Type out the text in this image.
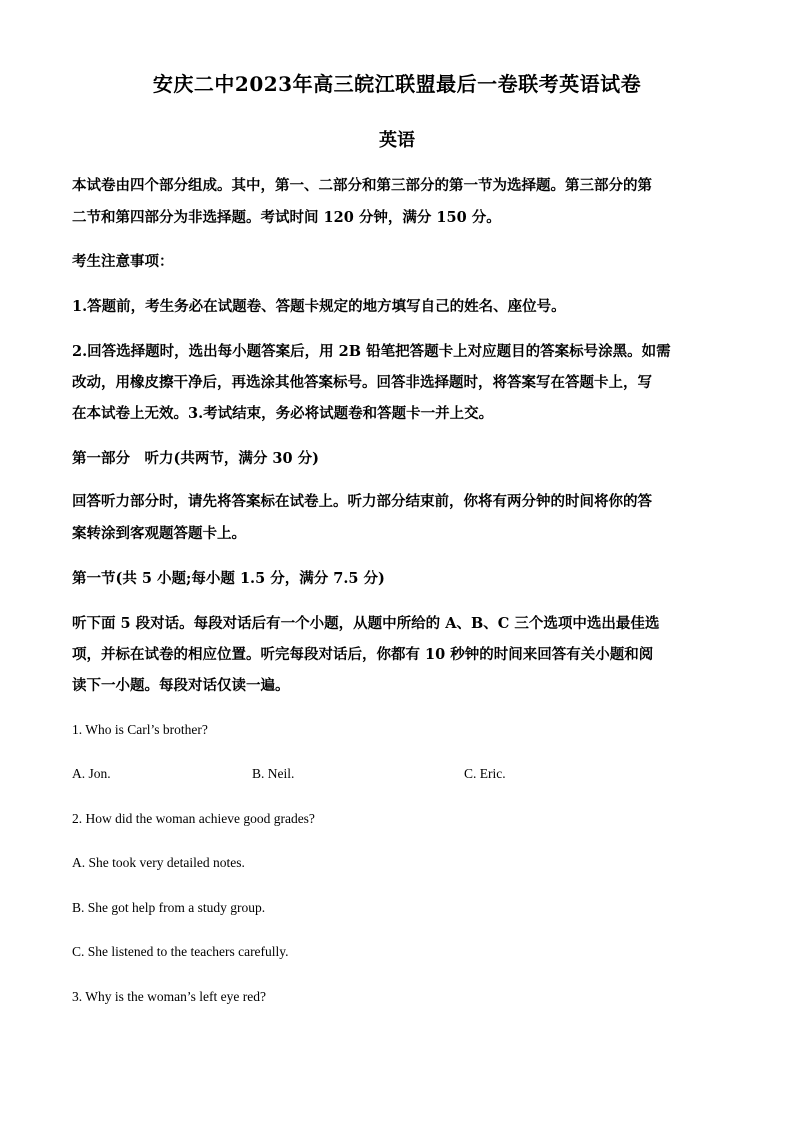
安庆二中2023年高三皖江联盟最后一卷联考英语试卷
英语
本试卷由四个部分组成。其中，第一、二部分和第三部分的第一节为选择题。第三部分的第
二节和第四部分为非选择题。考试时间 120 分钟，满分 150 分。
考生注意事项：
1.答题前，考生务必在试题卷、答题卡规定的地方填写自己的姓名、座位号。
2.回答选择题时，选出每小题答案后，用 2B 铅笔把答题卡上对应题目的答案标号涂黑。如需
改动，用橡皮擦干净后，再选涂其他答案标号。回答非选择题时，将答案写在答题卡上，写
在本试卷上无效。3.考试结束，务必将试题卷和答题卡一并上交。
第一部分　听力(共两节，满分 30 分)
回答听力部分时，请先将答案标在试卷上。听力部分结束前，你将有两分钟的时间将你的答
案转涂到客观题答题卡上。
第一节(共 5 小题;每小题 1.5 分，满分 7.5 分)
听下面 5 段对话。每段对话后有一个小题，从题中所给的 A、B、C 三个选项中选出最佳选
项，并标在试卷的相应位置。听完每段对话后，你都有 10 秒钟的时间来回答有关小题和阅
读下一小题。每段对话仅读一遍。
1. Who is Carl’s brother?
A. Jon.	B. Neil.	C. Eric.
2. How did the woman achieve good grades?
A. She took very detailed notes.
B. She got help from a study group.
C. She listened to the teachers carefully.
3. Why is the woman’s left eye red?
